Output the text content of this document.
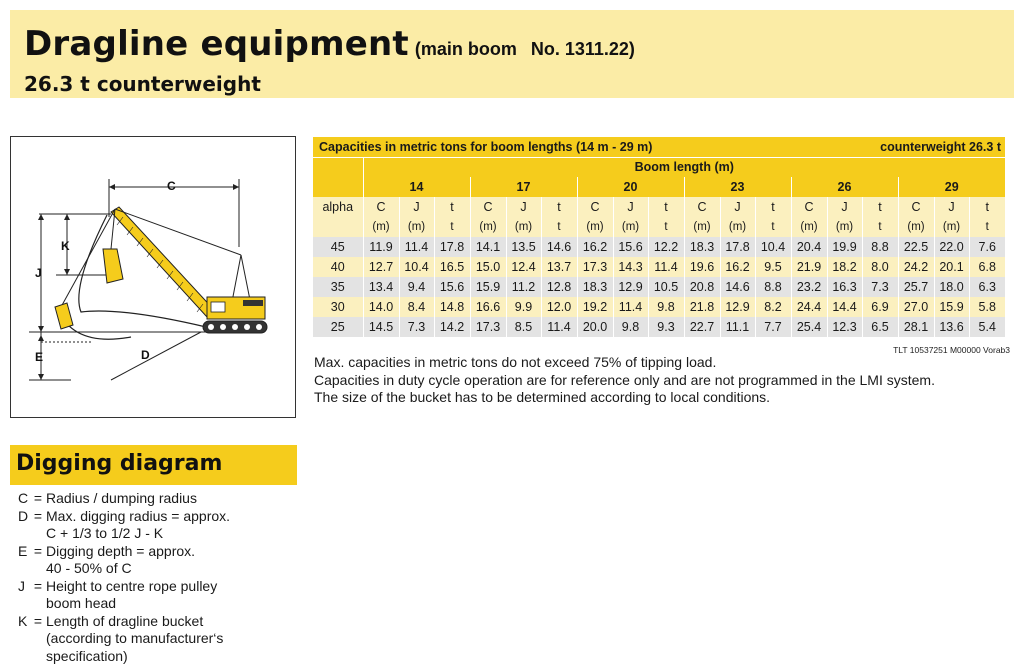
Dragline equipment (main boom No. 1311.22)
26.3 t counterweight
C
K
J
E	D
Digging diagram
C = Radius / dumping radius
D = Max. digging radius = approx.
C + 1/3 to 1/2 J - K
E = Digging depth = approx.
40 - 50% of C
J = Height to centre rope pulley
boom head
K = Length of dragline bucket
(according to manufacturer‘s
specification)
Capacities in metric tons for boom lengths (14 m - 29 m)														counterweight 26.3 t				
	Boom length (m)																	
	14			17			20			23			26			29		
alpha	C	J	t	C	J	t	C	J	t	C	J	t	C	J	t	C	J	t
	(m)	(m)	t	(m)	(m)	t	(m)	(m)	t	(m)	(m)	t	(m)	(m)	t	(m)	(m)	t
45	11.9	11.4	17.8	14.1	13.5	14.6	16.2	15.6	12.2	18.3	17.8	10.4	20.4	19.9	8.8	22.5	22.0	7.6
40	12.7	10.4	16.5	15.0	12.4	13.7	17.3	14.3	11.4	19.6	16.2	9.5	21.9	18.2	8.0	24.2	20.1	6.8
35	13.4	9.4	15.6	15.9	11.2	12.8	18.3	12.9	10.5	20.8	14.6	8.8	23.2	16.3	7.3	25.7	18.0	6.3
30	14.0	8.4	14.8	16.6	9.9	12.0	19.2	11.4	9.8	21.8	12.9	8.2	24.4	14.4	6.9	27.0	15.9	5.8
25	14.5	7.3	14.2	17.3	8.5	11.4	20.0	9.8	9.3	22.7	11.1	7.7	25.4	12.3	6.5	28.1	13.6	5.4
TLT 10537251 M00000 Vorab3
Max. capacities in metric tons do not exceed 75% of tipping load.
Capacities in duty cycle operation are for reference only and are not programmed in the LMI system.
The size of the bucket has to be determined according to local conditions.
